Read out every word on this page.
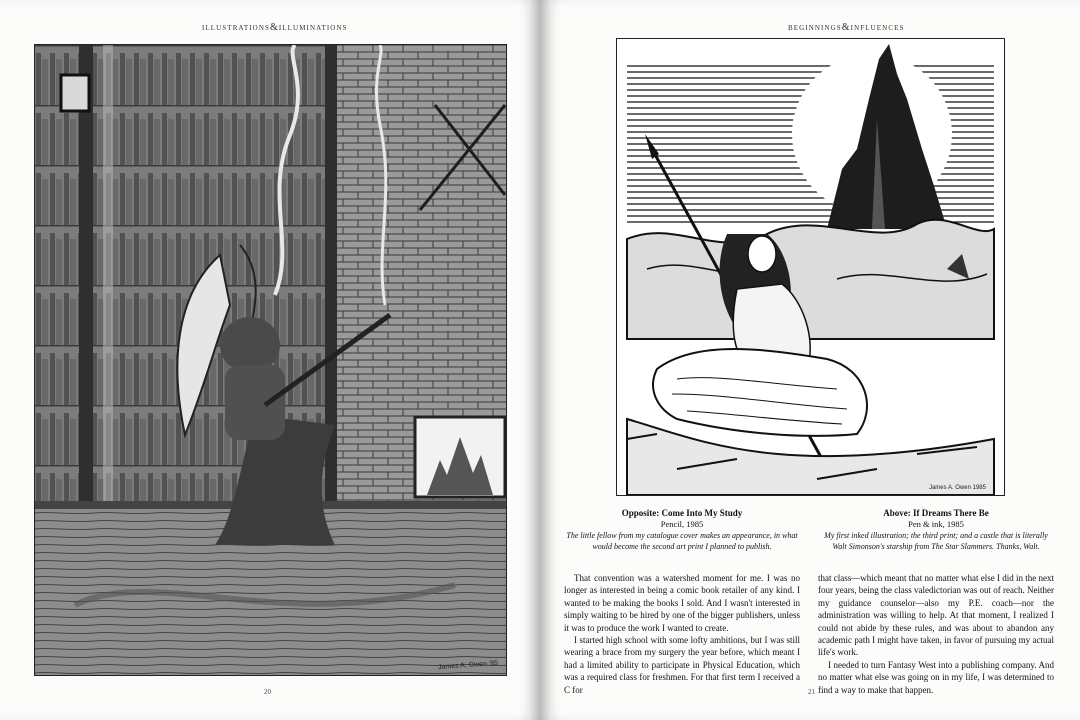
ILLUSTRATIONS&ILLUMINATIONS
James A. Owen '85
20
BEGINNINGS&INFLUENCES
James A. Owen 1985
Opposite: Come Into My Study
Pencil, 1985
The little fellow from my catalogue cover makes an appearance, in what would become the second art print I planned to publish.
Above: If Dreams There Be
Pen & ink, 1985
My first inked illustration; the third print; and a castle that is literally Walt Simonson's starship from The Star Slammers. Thanks, Walt.

That convention was a watershed moment for me. I was no longer as interested in being a comic book retailer of any kind. I wanted to be making the books I sold. And I wasn't interested in simply waiting to be hired by one of the bigger publishers, unless it was to produce the work I wanted to create.

I started high school with some lofty ambitions, but I was still wearing a brace from my surgery the year before, which meant I had a limited ability to participate in Physical Education, which was a required class for freshmen. For that first term I received a C for

that class—which meant that no matter what else I did in the next four years, being the class valedictorian was out of reach. Neither my guidance counselor—also my P.E. coach—nor the administration was willing to help. At that moment, I realized I could not abide by these rules, and was about to abandon any academic path I might have taken, in favor of pursuing my actual life's work.

I needed to turn Fantasy West into a publishing company. And no matter what else was going on in my life, I was determined to find a way to make that happen.

21
